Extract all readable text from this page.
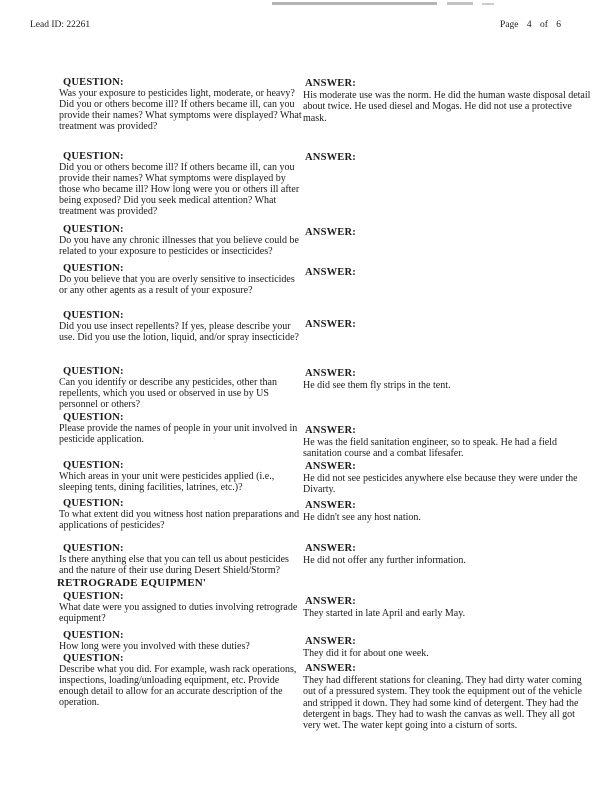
Lead ID: 22261	Page 4 of 6
QUESTION:
Was your exposure to pesticides light, moderate, or heavy? Did you or others become ill? If others became ill, can you provide their names? What symptoms were displayed? What treatment was provided?
ANSWER:
His moderate use was the norm. He did the human waste disposal detail about twice. He used diesel and Mogas. He did not use a protective mask.
QUESTION:
Did you or others become ill? If others became ill, can you provide their names? What symptoms were displayed by those who became ill? How long were you or others ill after being exposed? Did you seek medical attention? What treatment was provided?
ANSWER:
QUESTION:
Do you have any chronic illnesses that you believe could be related to your exposure to pesticides or insecticides?
ANSWER:
QUESTION:
Do you believe that you are overly sensitive to insecticides or any other agents as a result of your exposure?
ANSWER:
QUESTION:
Did you use insect repellents? If yes, please describe your use. Did you use the lotion, liquid, and/or spray insecticide?
ANSWER:
QUESTION:
Can you identify or describe any pesticides, other than repellents, which you used or observed in use by US personnel or others?
ANSWER:
He did see them fly strips in the tent.
QUESTION:
Please provide the names of people in your unit involved in pesticide application.
ANSWER:
He was the field sanitation engineer, so to speak. He had a field sanitation course and a combat lifesafer.
QUESTION:
Which areas in your unit were pesticides applied (i.e., sleeping tents, dining facilities, latrines, etc.)?
ANSWER:
He did not see pesticides anywhere else because they were under the Divarty.
QUESTION:
To what extent did you witness host nation preparations and applications of pesticides?
ANSWER:
He didn't see any host nation.
QUESTION:
Is there anything else that you can tell us about pesticides and the nature of their use during Desert Shield/Storm?
ANSWER:
He did not offer any further information.
RETROGRADE EQUIPMEN'
QUESTION:
What date were you assigned to duties involving retrograde equipment?
ANSWER:
They started in late April and early May.
QUESTION:
How long were you involved with these duties?	ANSWER:
They did it for about one week.
QUESTION:
Describe what you did. For example, wash rack operations, inspections, loading/unloading equipment, etc. Provide enough detail to allow for an accurate description of the operation.
ANSWER:
They had different stations for cleaning. They had dirty water coming out of a pressured system. They took the equipment out of the vehicle and stripped it down. They had some kind of detergent. They had the detergent in bags. They had to wash the canvas as well. They all got very wet. The water kept going into a cisturn of sorts.
